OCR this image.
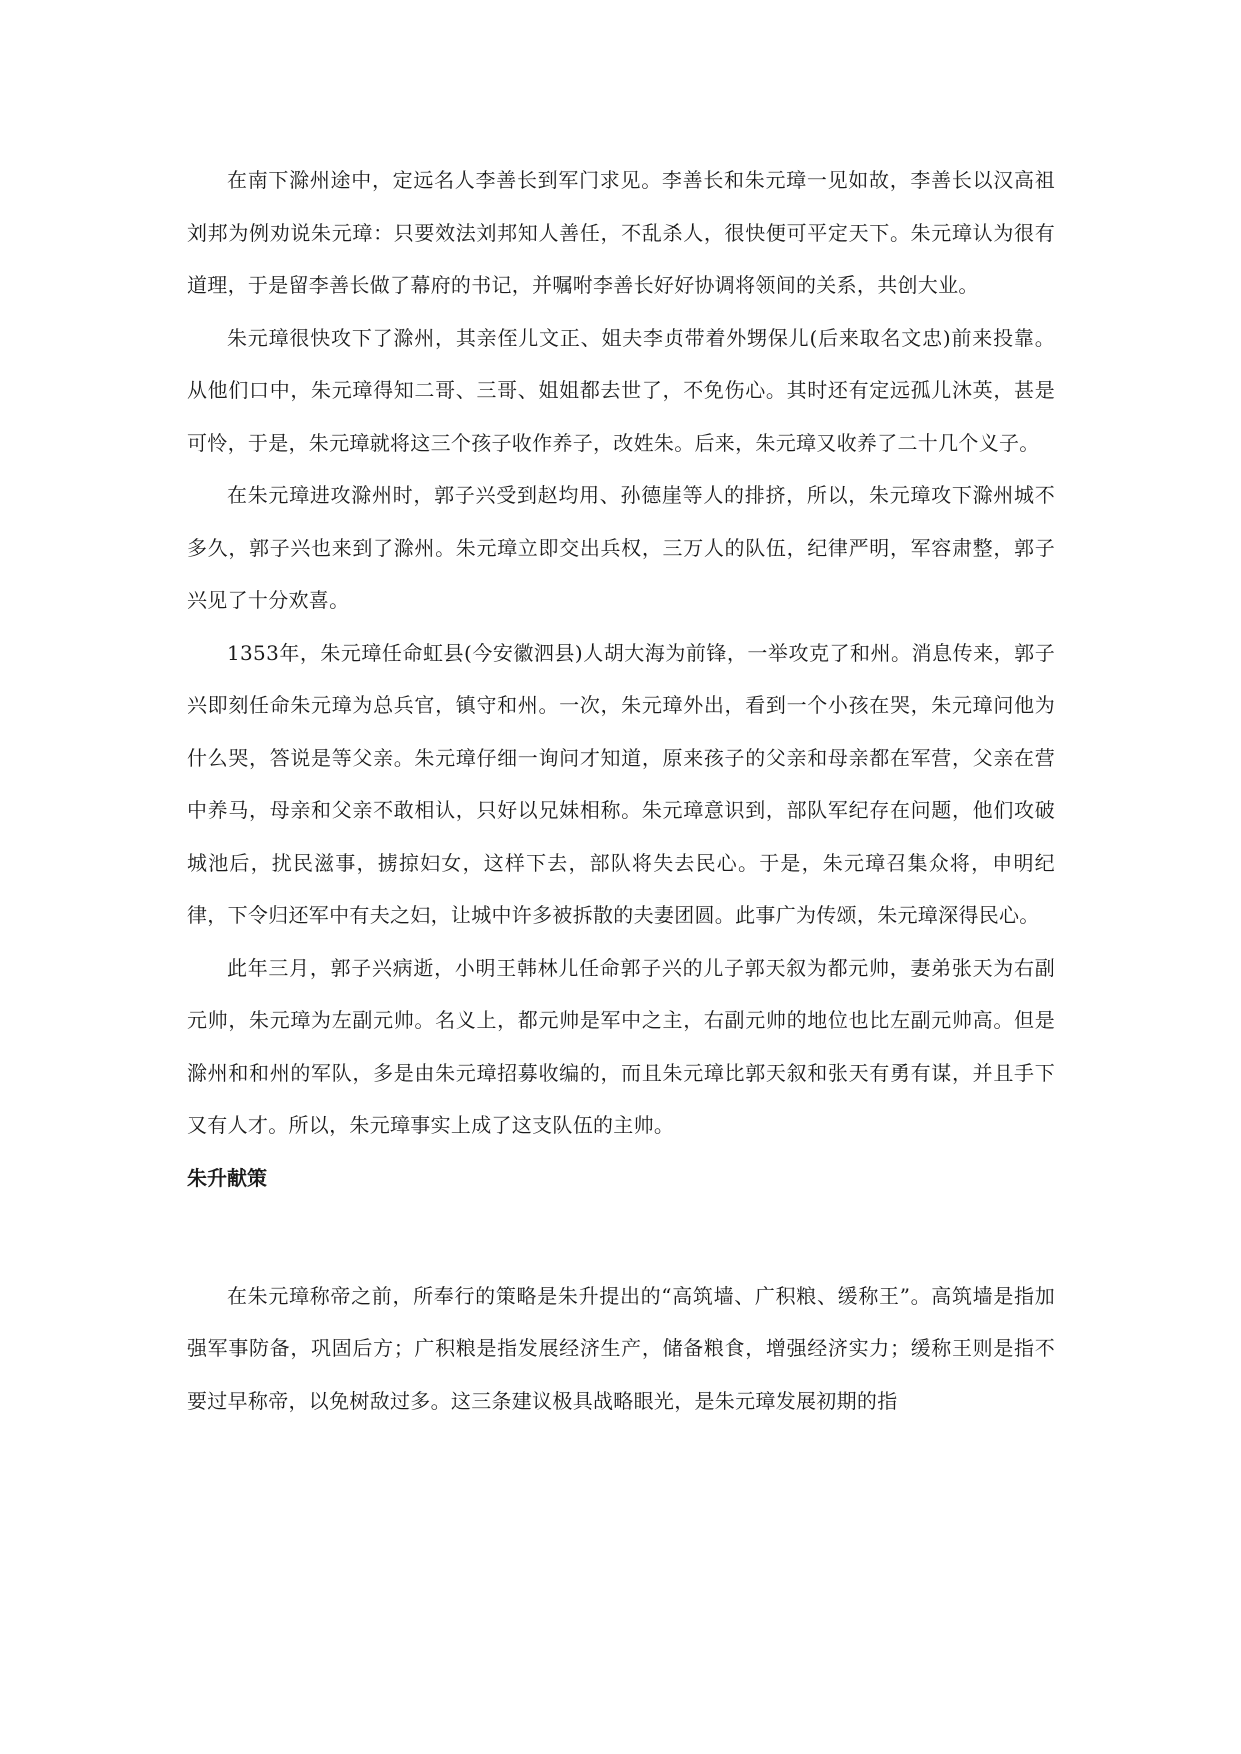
在南下滁州途中，定远名人李善长到军门求见。李善长和朱元璋一见如故，李善长以汉高祖刘邦为例劝说朱元璋：只要效法刘邦知人善任，不乱杀人，很快便可平定天下。朱元璋认为很有道理，于是留李善长做了幕府的书记，并嘱咐李善长好好协调将领间的关系，共创大业。

朱元璋很快攻下了滁州，其亲侄儿文正、姐夫李贞带着外甥保儿(后来取名文忠)前来投靠。从他们口中，朱元璋得知二哥、三哥、姐姐都去世了，不免伤心。其时还有定远孤儿沐英，甚是可怜，于是，朱元璋就将这三个孩子收作养子，改姓朱。后来，朱元璋又收养了二十几个义子。

在朱元璋进攻滁州时，郭子兴受到赵均用、孙德崖等人的排挤，所以，朱元璋攻下滁州城不多久，郭子兴也来到了滁州。朱元璋立即交出兵权，三万人的队伍，纪律严明，军容肃整，郭子兴见了十分欢喜。

1353年，朱元璋任命虹县(今安徽泗县)人胡大海为前锋，一举攻克了和州。消息传来，郭子兴即刻任命朱元璋为总兵官，镇守和州。一次，朱元璋外出，看到一个小孩在哭，朱元璋问他为什么哭，答说是等父亲。朱元璋仔细一询问才知道，原来孩子的父亲和母亲都在军营，父亲在营中养马，母亲和父亲不敢相认，只好以兄妹相称。朱元璋意识到，部队军纪存在问题，他们攻破城池后，扰民滋事，掳掠妇女，这样下去，部队将失去民心。于是，朱元璋召集众将，申明纪律，下令归还军中有夫之妇，让城中许多被拆散的夫妻团圆。此事广为传颂，朱元璋深得民心。

此年三月，郭子兴病逝，小明王韩林儿任命郭子兴的儿子郭天叙为都元帅，妻弟张天为右副元帅，朱元璋为左副元帅。名义上，都元帅是军中之主，右副元帅的地位也比左副元帅高。但是滁州和和州的军队，多是由朱元璋招募收编的，而且朱元璋比郭天叙和张天有勇有谋，并且手下又有人才。所以，朱元璋事实上成了这支队伍的主帅。

朱升献策

在朱元璋称帝之前，所奉行的策略是朱升提出的“高筑墙、广积粮、缓称王”。高筑墙是指加强军事防备，巩固后方；广积粮是指发展经济生产，储备粮食，增强经济实力；缓称王则是指不要过早称帝，以免树敌过多。这三条建议极具战略眼光，是朱元璋发展初期的指
